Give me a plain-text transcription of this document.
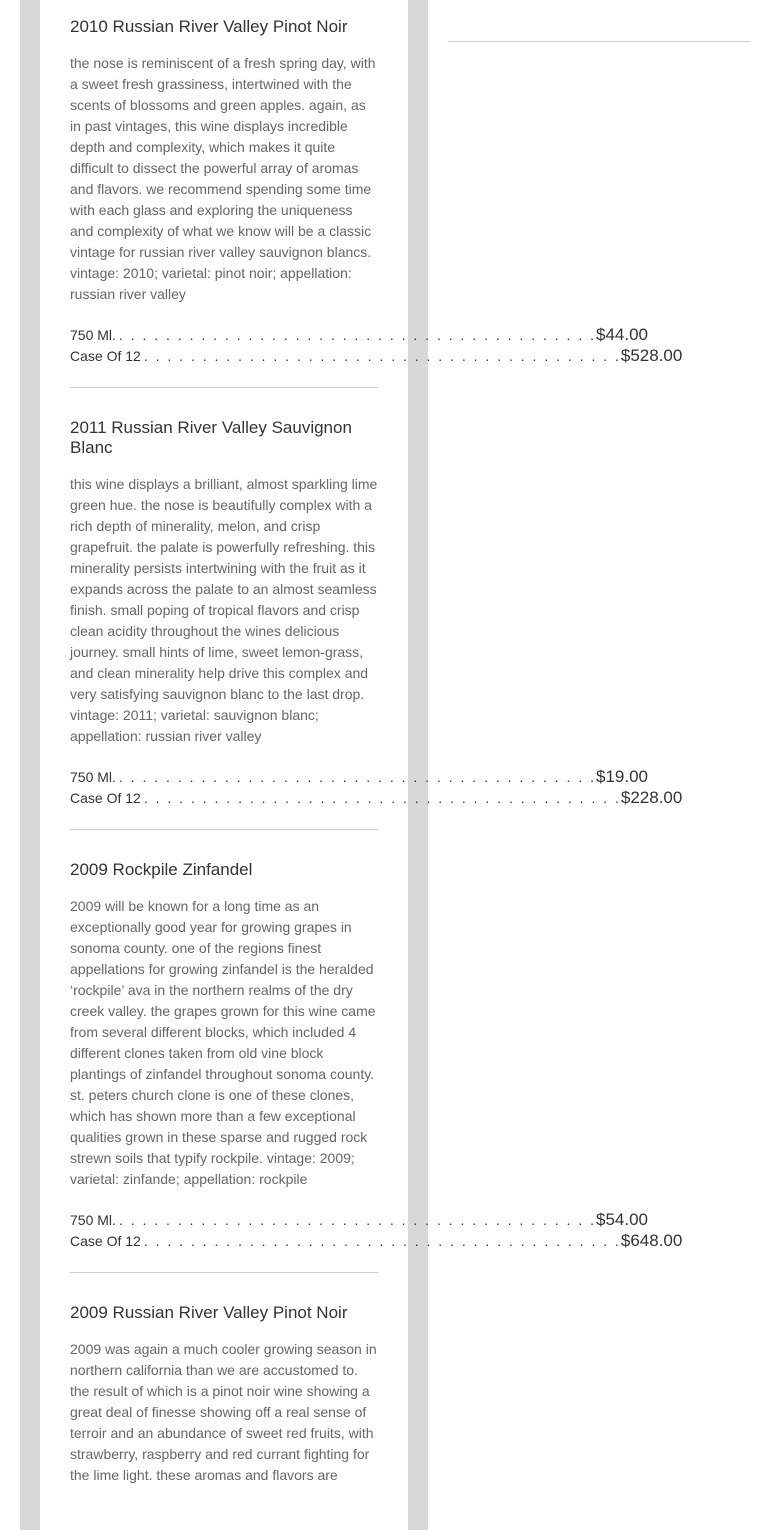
2010 Russian River Valley Pinot Noir

the nose is reminiscent of a fresh spring day, with a sweet fresh grassiness, intertwined with the scents of blossoms and green apples. again, as in past vintages, this wine displays incredible depth and complexity, which makes it quite difficult to dissect the powerful array of aromas and flavors. we recommend spending some time with each glass and exploring the uniqueness and complexity of what we know will be a classic vintage for russian river valley sauvignon blancs. vintage: 2010; varietal: pinot noir; appellation: russian river valley

750 Ml. . . . . . . . . . . . . . . . . . . . . . . . . . . . . . . . . . . . . . . . . . $44.00
Case Of 12 . . . . . . . . . . . . . . . . . . . . . . . . . . . . . . . . . . . . . . . . . $528.00
2011 Russian River Valley Sauvignon Blanc

this wine displays a brilliant, almost sparkling lime green hue. the nose is beautifully complex with a rich depth of minerality, melon, and crisp grapefruit. the palate is powerfully refreshing. this minerality persists intertwining with the fruit as it expands across the palate to an almost seamless finish. small poping of tropical flavors and crisp clean acidity throughout the wines delicious journey. small hints of lime, sweet lemon-grass, and clean minerality help drive this complex and very satisfying sauvignon blanc to the last drop. vintage: 2011; varietal: sauvignon blanc; appellation: russian river valley

750 Ml. . . . . . . . . . . . . . . . . . . . . . . . . . . . . . . . . . . . . . . . . . $19.00
Case Of 12 . . . . . . . . . . . . . . . . . . . . . . . . . . . . . . . . . . . . . . . . . $228.00
2009 Rockpile Zinfandel

2009 will be known for a long time as an exceptionally good year for growing grapes in sonoma county. one of the regions finest appellations for growing zinfandel is the heralded ‘rockpile’ ava in the northern realms of the dry creek valley. the grapes grown for this wine came from several different blocks, which included 4 different clones taken from old vine block plantings of zinfandel throughout sonoma county. st. peters church clone is one of these clones, which has shown more than a few exceptional qualities grown in these sparse and rugged rock strewn soils that typify rockpile. vintage: 2009; varietal: zinfande; appellation: rockpile

750 Ml. . . . . . . . . . . . . . . . . . . . . . . . . . . . . . . . . . . . . . . . . . $54.00
Case Of 12 . . . . . . . . . . . . . . . . . . . . . . . . . . . . . . . . . . . . . . . . . $648.00
2009 Russian River Valley Pinot Noir

2009 was again a much cooler growing season in northern california than we are accustomed to. the result of which is a pinot noir wine showing a great deal of finesse showing off a real sense of terroir and an abundance of sweet red fruits, with strawberry, raspberry and red currant fighting for the lime light. these aromas and flavors are
